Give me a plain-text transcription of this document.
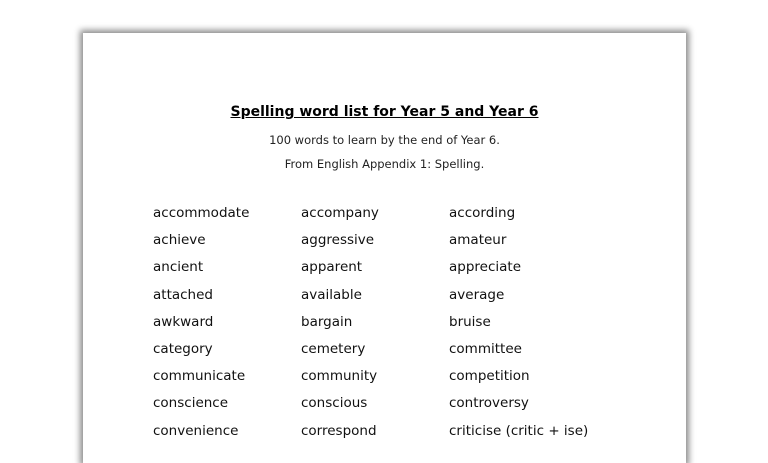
Spelling word list for Year 5 and Year 6
100 words to learn by the end of Year 6.
From English Appendix 1: Spelling.
accommodate	accompany	according
achieve	aggressive	amateur
ancient	apparent	appreciate
attached	available	average
awkward	bargain	bruise
category	cemetery	committee
communicate	community	competition
conscience	conscious	controversy
convenience	correspond	criticise (critic + ise)
